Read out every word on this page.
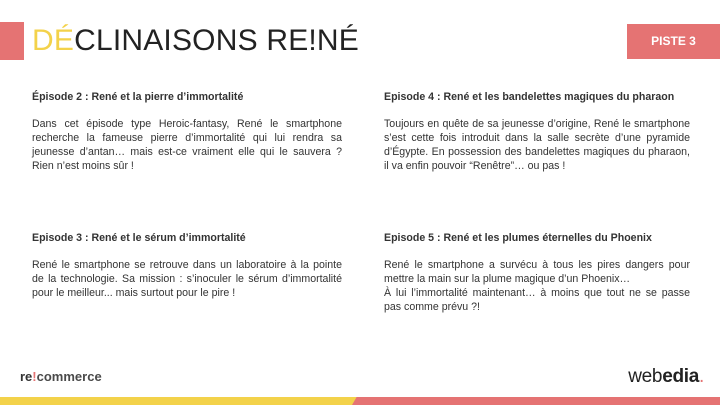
DÉCLINAISONS RE!NÉ	PISTE 3
Épisode 2 : René et la pierre d’immortalité
Dans cet épisode type Heroic-fantasy, René le smartphone recherche la fameuse pierre d’immortalité qui lui rendra sa jeunesse d’antan… mais est-ce vraiment elle qui le sauvera ? Rien n’est moins sûr !
Episode 4 : René et les bandelettes magiques du pharaon
Toujours en quête de sa jeunesse d’origine, René le smartphone s’est cette fois introduit dans la salle secrète d’une pyramide d’Égypte. En possession des bandelettes magiques du pharaon, il va enfin pouvoir “Renêtre”… ou pas !
Episode 3 : René et le sérum d’immortalité
René le smartphone se retrouve dans un laboratoire à la pointe de la technologie. Sa mission : s’inoculer le sérum d’immortalité pour le meilleur... mais surtout pour le pire !
Episode 5 : René et les plumes éternelles du Phoenix
René le smartphone a survécu à tous les pires dangers pour mettre la main sur la plume magique d’un Phoenix…
À lui l’immortalité maintenant… à moins que tout ne se passe pas comme prévu ?!
re!commerce	webedia.
